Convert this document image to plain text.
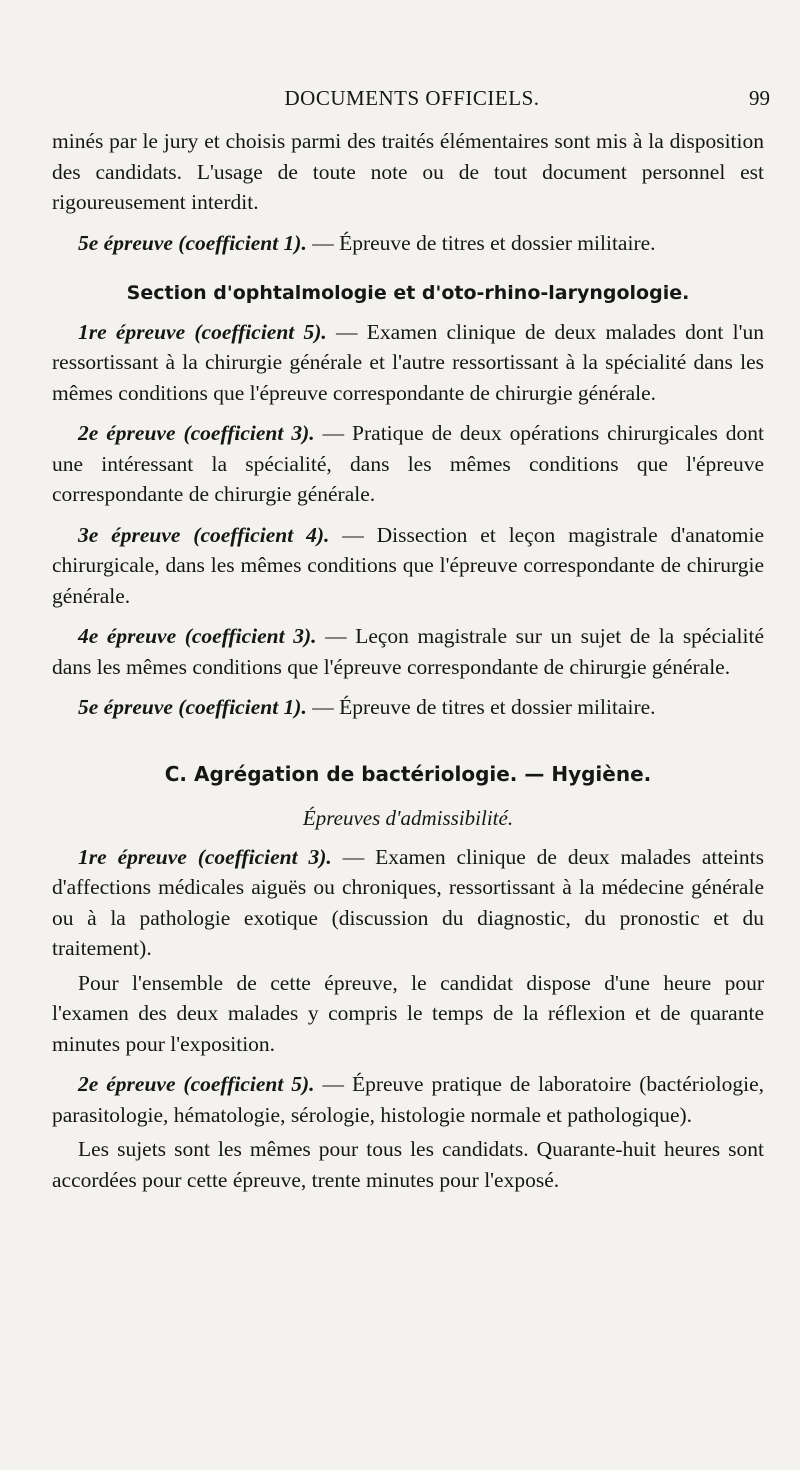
DOCUMENTS OFFICIELS.	99

minés par le jury et choisis parmi des traités élémentaires sont mis à la disposition des candidats. L'usage de toute note ou de tout document personnel est rigoureusement interdit.

5e épreuve (coefficient 1). — Épreuve de titres et dossier militaire.

Section d'ophtalmologie et d'oto-rhino-laryngologie.

1re épreuve (coefficient 5). — Examen clinique de deux malades dont l'un ressortissant à la chirurgie générale et l'autre ressortissant à la spécialité dans les mêmes conditions que l'épreuve correspondante de chirurgie générale.

2e épreuve (coefficient 3). — Pratique de deux opérations chirurgicales dont une intéressant la spécialité, dans les mêmes conditions que l'épreuve correspondante de chirurgie générale.

3e épreuve (coefficient 4). — Dissection et leçon magistrale d'anatomie chirurgicale, dans les mêmes conditions que l'épreuve correspondante de chirurgie générale.

4e épreuve (coefficient 3). — Leçon magistrale sur un sujet de la spécialité dans les mêmes conditions que l'épreuve correspondante de chirurgie générale.

5e épreuve (coefficient 1). — Épreuve de titres et dossier militaire.

C. Agrégation de bactériologie. — Hygiène.
Épreuves d'admissibilité.

1re épreuve (coefficient 3). — Examen clinique de deux malades atteints d'affections médicales aiguës ou chroniques, ressortissant à la médecine générale ou à la pathologie exotique (discussion du diagnostic, du pronostic et du traitement).

Pour l'ensemble de cette épreuve, le candidat dispose d'une heure pour l'examen des deux malades y compris le temps de la réflexion et de quarante minutes pour l'exposition.

2e épreuve (coefficient 5). — Épreuve pratique de laboratoire (bactériologie, parasitologie, hématologie, sérologie, histologie normale et pathologique).

Les sujets sont les mêmes pour tous les candidats. Quarante-huit heures sont accordées pour cette épreuve, trente minutes pour l'exposé.
